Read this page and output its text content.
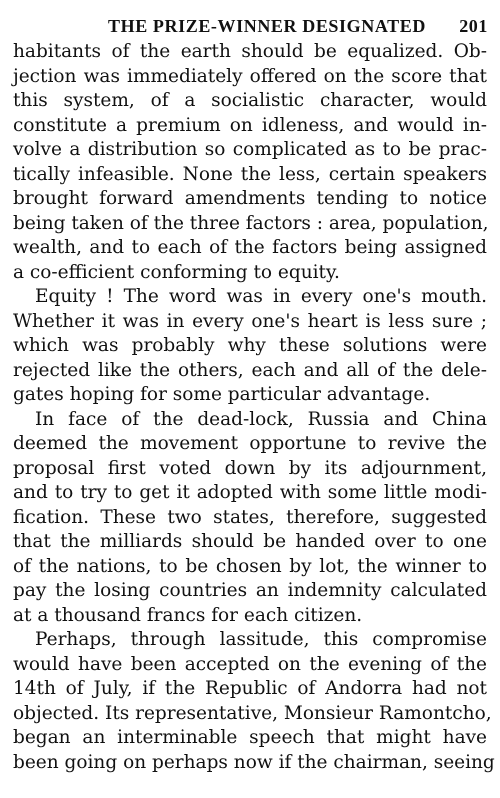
THE PRIZE-WINNER DESIGNATED 201
habitants of the earth should be equalized. Ob-
jection was immediately offered on the score that
this system, of a socialistic character, would
constitute a premium on idleness, and would in-
volve a distribution so complicated as to be prac-
tically infeasible. None the less, certain speakers
brought forward amendments tending to notice
being taken of the three factors : area, population,
wealth, and to each of the factors being assigned
a co-efficient conforming to equity.
Equity ! The word was in every one's mouth.
Whether it was in every one's heart is less sure ;
which was probably why these solutions were
rejected like the others, each and all of the dele-
gates hoping for some particular advantage.
In face of the dead-lock, Russia and China
deemed the movement opportune to revive the
proposal first voted down by its adjournment,
and to try to get it adopted with some little modi-
fication. These two states, therefore, suggested
that the milliards should be handed over to one
of the nations, to be chosen by lot, the winner to
pay the losing countries an indemnity calculated
at a thousand francs for each citizen.
Perhaps, through lassitude, this compromise
would have been accepted on the evening of the
14th of July, if the Republic of Andorra had not
objected. Its representative, Monsieur Ramontcho,
began an interminable speech that might have
been going on perhaps now if the chairman, seeing
